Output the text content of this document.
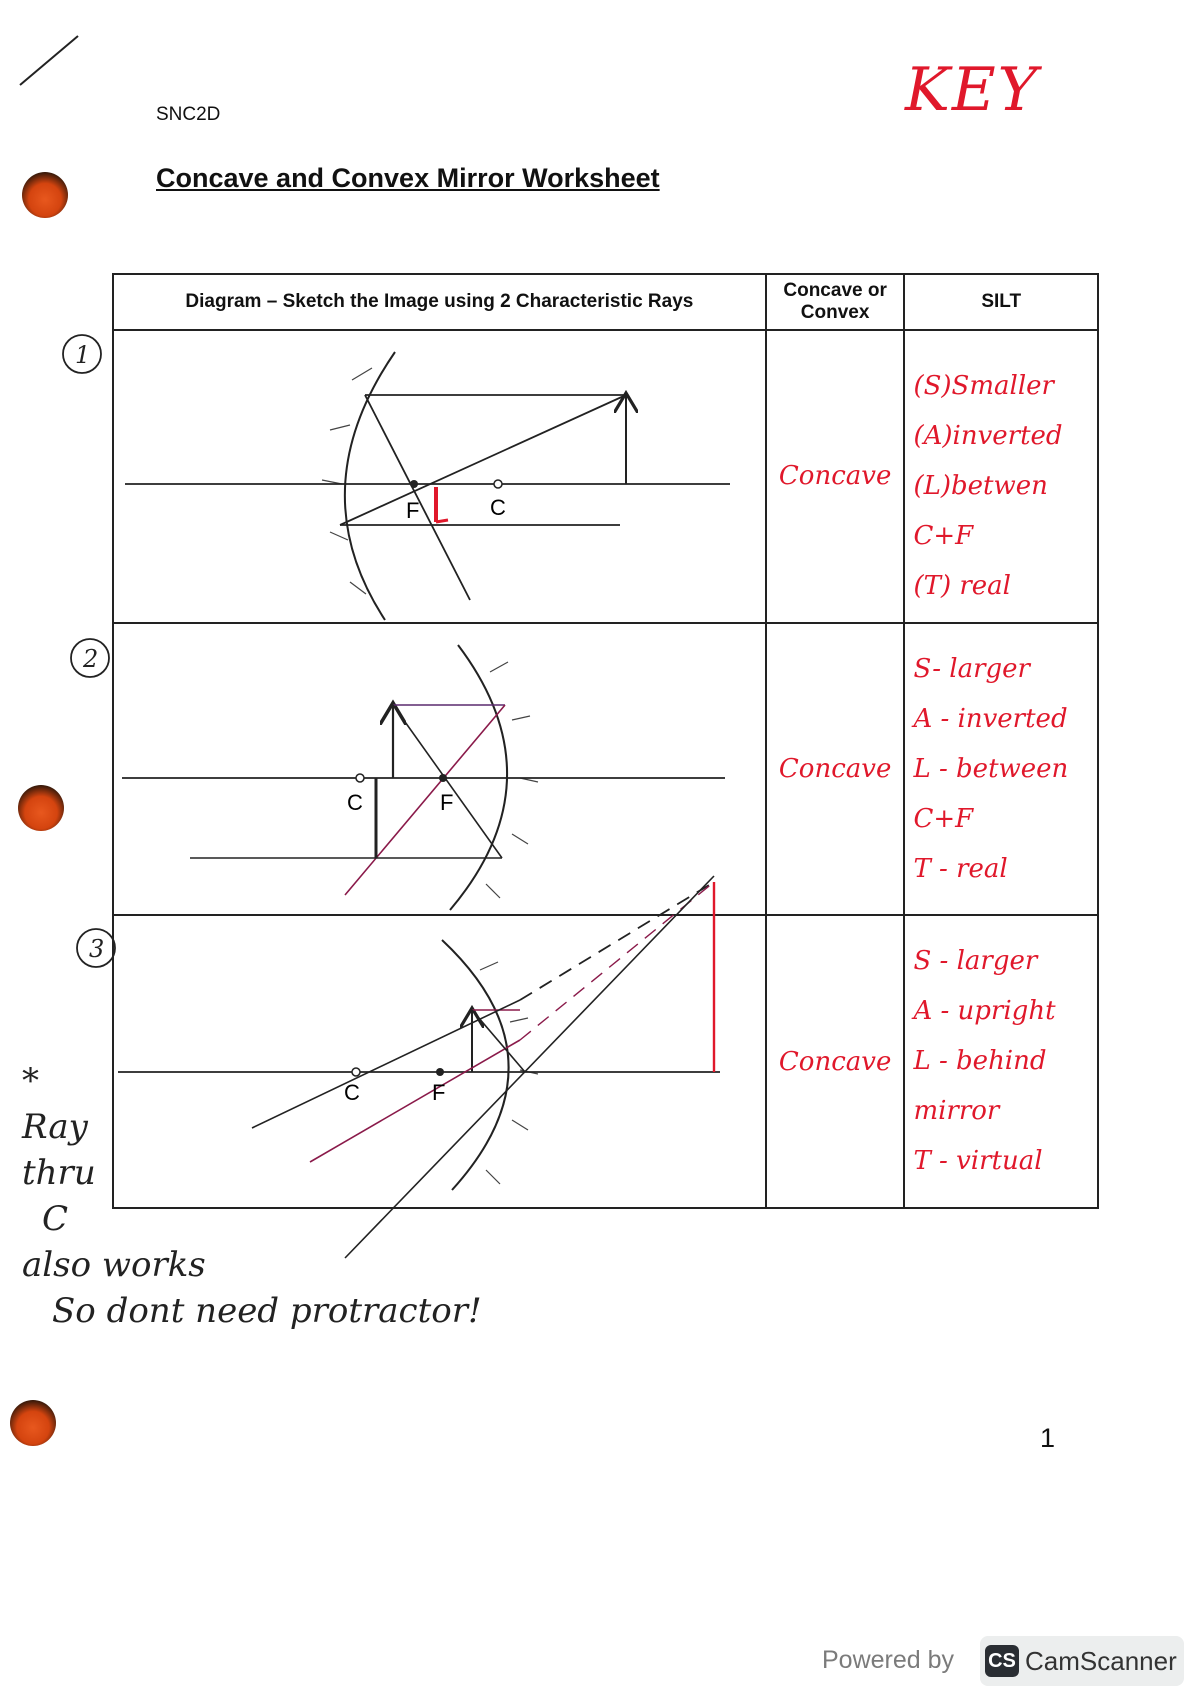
SNC2D
Concave and Convex Mirror Worksheet
KEY
Diagram – Sketch the Image using 2 Characteristic Rays	Concave or Convex	SILT
	Concave	(S)Smaller
(A)inverted
(L)betwen C+F
(T) real

	Concave	S- larger
A - inverted
L - between C+F
T - real

	Concave	S - larger
A - upright
L - behind mirror
T - virtual
F	C
C	F
C	F
1
2
3
*
Ray
thru
C
also works
So dont need protractor!
1
Powered by CS CamScanner
